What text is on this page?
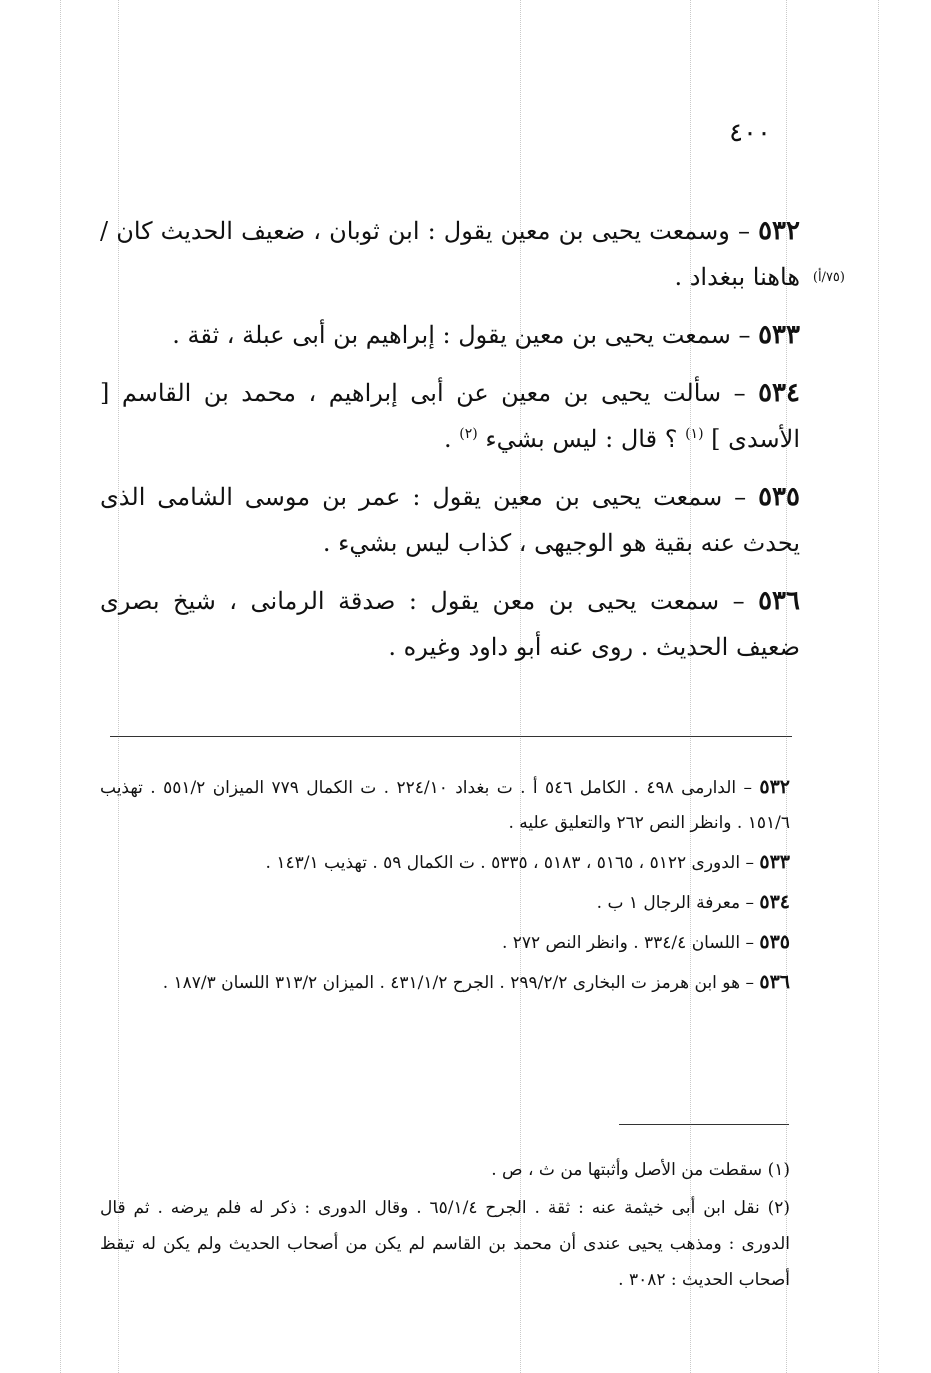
٤٠٠
(٧٥/أ)

٥٣٢ – وسمعت يحيى بن معين يقول : ابن ثوبان ، ضعيف الحديث كان / هاهنا ببغداد .

٥٣٣ – سمعت يحيى بن معين يقول : إبراهيم بن أبى عبلة ، ثقة .

٥٣٤ – سألت يحيى بن معين عن أبى إبراهيم ، محمد بن القاسم [ الأسدى ] $^{(١)}$ ؟ قال : ليس بشيء $^{(٢)}$ .

٥٣٥ – سمعت يحيى بن معين يقول : عمر بن موسى الشامى الذى يحدث عنه بقية هو الوجيهى ، كذاب ليس بشيء .

٥٣٦ – سمعت يحيى بن معن يقول : صدقة الرمانى ، شيخ بصرى ضعيف الحديث . روى عنه أبو داود وغيره .

٥٣٢ – الدارمى ٤٩٨ . الكامل ٥٤٦ أ . ت بغداد ٢٢٤/١٠ . ت الكمال ٧٧٩ الميزان ٥٥١/٢ . تهذيب ١٥١/٦ . وانظر النص ٢٦٢ والتعليق عليه .

٥٣٣ – الدورى ٥١٢٢ ، ٥١٦٥ ، ٥١٨٣ ، ٥٣٣٥ . ت الكمال ٥٩ . تهذيب ١٤٣/١ .

٥٣٤ – معرفة الرجال ١ ب .

٥٣٥ – اللسان ٣٣٤/٤ . وانظر النص ٢٧٢ .

٥٣٦ – هو ابن هرمز ت البخارى ٢٩٩/٢/٢ . الجرح ٤٣١/١/٢ . الميزان ٣١٣/٢ اللسان ١٨٧/٣ .

(١) سقطت من الأصل وأثبتها من ث ، ص .

(٢) نقل ابن أبى خيثمة عنه : ثقة . الجرح ٦٥/١/٤ . وقال الدورى : ذكر له فلم يرضه . ثم قال الدورى : ومذهب يحيى عندى أن محمد بن القاسم لم يكن من أصحاب الحديث ولم يكن له تيقظ أصحاب الحديث : ٣٠٨٢ .
